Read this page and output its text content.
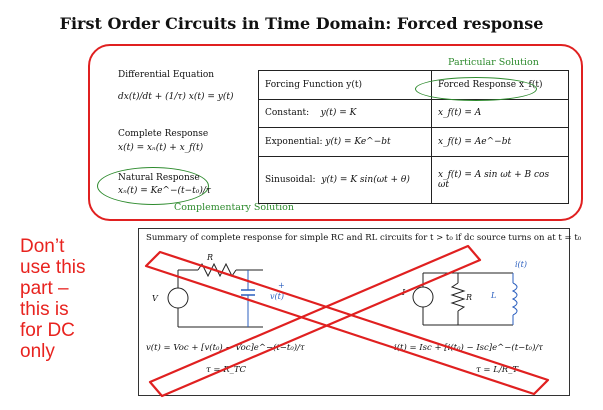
First Order Circuits in Time Domain: Forced response
Particular Solution
Differential Equation
dx(t)/dt + (1/τ) x(t) = y(t)
Complete Response
x(t) = xₙ(t) + x_f(t)
Natural Response
xₙ(t) = Ke^−(t−t₀)/τ
Complementary Solution
Forcing Function y(t)	Forced Response x_f(t)
Constant: y(t) = K	x_f(t) = A
Exponential: y(t) = Ke^−bt	x_f(t) = Ae^−bt
Sinusoidal: y(t) = K sin(ωt + θ)	x_f(t) = A sin ωt + B cos ωt
Summary of complete response for simple RC and RL circuits for t > t₀ if dc source turns on at t = t₀
R
V
+
v(t)	I
R L
i(t)
v(t) = Voc + [v(t₀) − Voc]e^−(t−t₀)/τ
τ = R_TC
i(t) = Isc + [i(t₀) − Isc]e^−(t−t₀)/τ
τ = L/R_T
Don’t
use this
part –
this is
for DC
only
